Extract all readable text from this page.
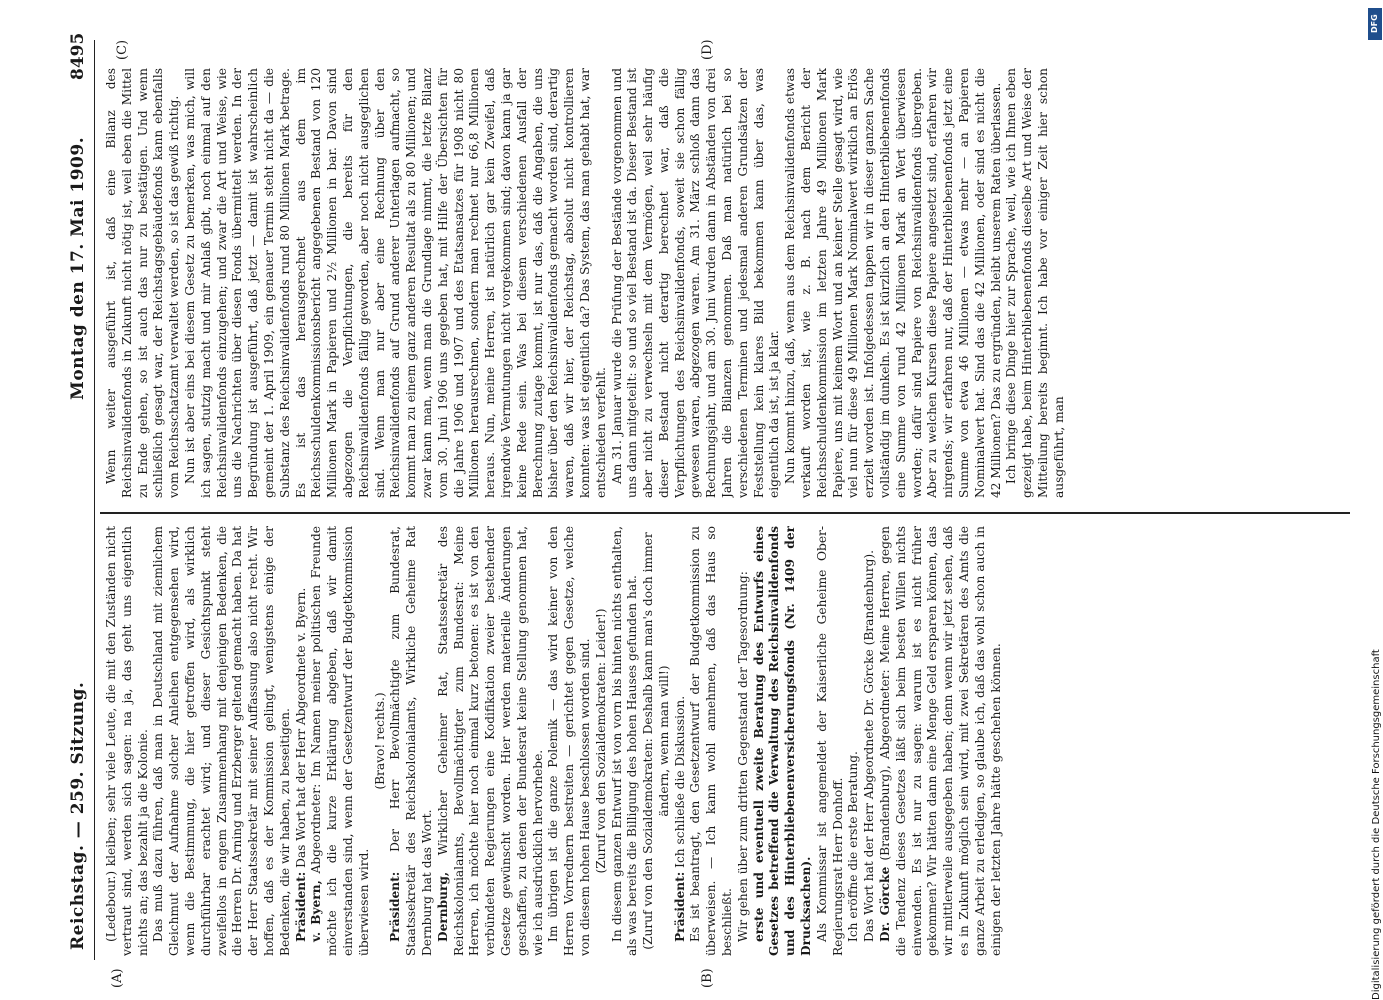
Reichstag. — 259. Sitzung.
Montag den 17. Mai 1909.
8495
(A)	(B)
(C)	(D)

(Ledebour.) kleiben; sehr viele Leute, die mit den Zuständen nicht vertraut sind, werden sich sagen: na ja, das geht uns eigentlich nichts an; das bezahlt ja die Kolonie. Das muß dazu führen, daß man in Deutschland mit ziemlichem Gleichmut der Aufnahme solcher Anleihen entgegensehen wird, wenn die Bestimmung, die hier getroffen wird, als wirklich durchführbar erachtet wird; und dieser Gesichtspunkt steht zweifellos in engem Zusammenhang mit denjenigen Bedenken, die die Herren Dr. Arning und Erzberger geltend gemacht haben. Da hat der Herr Staatssekretär mit seiner Auffassung also nicht recht. Wir hoffen, daß es der Kommission gelingt, wenigstens einige der Bedenken, die wir haben, zu beseitigen. Präsident: Das Wort hat der Herr Abgeordnete v. Byern.

v. Byern, Abgeordneter: Im Namen meiner politischen Freunde möchte ich die kurze Erklärung abgeben, daß wir damit einverstanden sind, wenn der Gesetzentwurf der Budgetkommission überwiesen wird.

(Bravo! rechts.)

Präsident: Der Herr Bevollmächtigte zum Bundesrat, Staatssekretär des Reichskolonialamts, Wirkliche Geheime Rat Dernburg hat das Wort. Dernburg, Wirklicher Geheimer Rat, Staatssekretär des Reichskolonialamts, Bevollmächtigter zum Bundesrat: Meine Herren, ich möchte hier noch einmal kurz betonen: es ist von den verbündeten Regierungen eine Kodifikation zweier bestehender Gesetze gewünscht worden. Hier werden materielle Änderungen geschaffen, zu denen der Bundesrat keine Stellung genommen hat, wie ich ausdrücklich hervorhebe. Im übrigen ist die ganze Polemik — das wird keiner von den Herren Vorrednern bestreiten — gerichtet gegen Gesetze, welche von diesem hohen Hause beschlossen worden sind. (Zuruf von den Sozialdemokraten: Leider!) In diesem ganzen Entwurf ist von vorn bis hinten nichts enthalten, als was bereits die Billigung des hohen Hauses gefunden hat. (Zuruf von den Sozialdemokraten: Deshalb kann man's doch immer ändern, wenn man will!)

Präsident: Ich schließe die Diskussion. Es ist beantragt, den Gesetzentwurf der Budgetkommission zu überweisen. — Ich kann wohl annehmen, daß das Haus so beschließt. Wir gehen über zum dritten Gegenstand der Tagesordnung: erste und eventuell zweite Beratung des Entwurfs eines Gesetzes betreffend die Verwaltung des Reichsinvalidenfonds und des Hinterbliebenenversicherungsfonds (Nr. 1409 der Drucksachen). Als Kommissar ist angemeldet der Kaiserliche Geheime Ober-Regierungsrat Herr Donhoff. Ich eröffne die erste Beratung. Das Wort hat der Herr Abgeordnete Dr. Görcke (Brandenburg). Dr. Görcke (Brandenburg), Abgeordneter: Meine Herren, gegen die Tendenz dieses Gesetzes läßt sich beim besten Willen nichts einwenden. Es ist nur zu sagen: warum ist es nicht früher gekommen? Wir hätten dann eine Menge Geld ersparen können, das wir mittlerweile ausgegeben haben; denn wenn wir jetzt sehen, daß es in Zukunft möglich sein wird, mit zwei Sekretären des Amts die ganze Arbeit zu erledigen, so glaube ich, daß das wohl schon auch in einigen der letzten Jahre hätte geschehen können.

Wenn weiter ausgeführt ist, daß eine Bilanz des Reichsinvalidenfonds in Zukunft nicht nötig ist, weil eben die Mittel zu Ende gehen, so ist auch das nur zu bestätigen. Und wenn schließlich gesagt war, der Reichstagsgebäudefonds kann ebenfalls vom Reichsschatzamt verwaltet werden, so ist das gewiß richtig. Nun ist aber eins bei diesem Gesetz zu bemerken, was mich, will ich sagen, stutzig macht und mir Anlaß gibt, noch einmal auf den Reichsinvalidenfonds einzugehen; und zwar die Art und Weise, wie uns die Nachrichten über diesen Fonds übermittelt werden. In der Begründung ist ausgeführt, daß jetzt — damit ist wahrscheinlich gemeint der 1. April 1909, ein genauer Termin steht nicht da — die Substanz des Reichsinvalidenfonds rund 80 Millionen Mark betrage. Es ist das herausgerechnet aus dem im Reichsschuldenkommissionsbericht angegebenen Bestand von 120 Millionen Mark in Papieren und 2½ Millionen in bar. Davon sind abgezogen die Verpflichtungen, die bereits für den Reichsinvalidenfonds fällig geworden, aber noch nicht ausgeglichen sind. Wenn man nur aber eine Rechnung über den Reichsinvalidenfonds auf Grund anderer Unterlagen aufmacht, so kommt man zu einem ganz anderen Resultat als zu 80 Millionen; und zwar kann man, wenn man die Grundlage nimmt, die letzte Bilanz vom 30. Juni 1906 uns gegeben hat, mit Hilfe der Übersichten für die Jahre 1906 und 1907 und des Etatsansatzes für 1908 nicht 80 Millionen herausrechnen, sondern man rechnet nur 66,8 Millionen heraus. Nun, meine Herren, ist natürlich gar kein Zweifel, daß irgendwie Vermutungen nicht vorgekommen sind; davon kann ja gar keine Rede sein. Was bei diesem verschiedenen Ausfall der Berechnung zutage kommt, ist nur das, daß die Angaben, die uns bisher über den Reichsinvalidenfonds gemacht worden sind, derartig waren, daß wir hier, der Reichstag, absolut nicht kontrollieren konnten: was ist eigentlich da? Das System, das man gehabt hat, war entschieden verfehlt. Am 31. Januar wurde die Prüfung der Bestände vorgenommen und uns dann mitgeteilt: so und so viel Bestand ist da. Dieser Bestand ist aber nicht zu verwechseln mit dem Vermögen, weil sehr häufig dieser Bestand nicht derartig berechnet war, daß die Verpflichtungen des Reichsinvalidenfonds, soweit sie schon fällig gewesen waren, abgezogen waren. Am 31. März schloß dann das Rechnungsjahr, und am 30. Juni wurden dann in Abständen von drei Jahren die Bilanzen genommen. Daß man natürlich bei so verschiedenen Terminen und jedesmal anderen Grundsätzen der Feststellung kein klares Bild bekommen kann über das, was eigentlich da ist, ist ja klar. Nun kommt hinzu, daß, wenn aus dem Reichsinvalidenfonds etwas verkauft worden ist, wie z. B. nach dem Bericht der Reichsschuldenkommission im letzten Jahre 49 Millionen Mark Papiere, uns mit keinem Wort und an keiner Stelle gesagt wird, wie viel nun für diese 49 Millionen Mark Nominalwert wirklich an Erlös erzielt worden ist. Infolgedessen tappen wir in dieser ganzen Sache vollständig im dunkeln. Es ist kürzlich an den Hinterbliebenenfonds eine Summe von rund 42 Millionen Mark an Wert überwiesen worden; dafür sind Papiere von Reichsinvalidenfonds übergeben. Aber zu welchen Kursen diese Papiere angesetzt sind, erfahren wir nirgends; wir erfahren nur, daß der Hinterbliebenenfonds jetzt eine Summe von etwa 46 Millionen — etwas mehr — an Papieren Nominalwert hat. Sind das die 42 Millionen, oder sind es nicht die 42 Millionen? Das zu ergründen, bleibt unserem Raten überlassen. Ich bringe diese Dinge hier zur Sprache, weil, wie ich Ihnen eben gezeigt habe, beim Hinterbliebenenfonds dieselbe Art und Weise der Mitteilung bereits beginnt. Ich habe vor einiger Zeit hier schon ausgeführt, man

Digitalisierung gefördert durch die Deutsche Forschungsgemeinschaft
DFG
